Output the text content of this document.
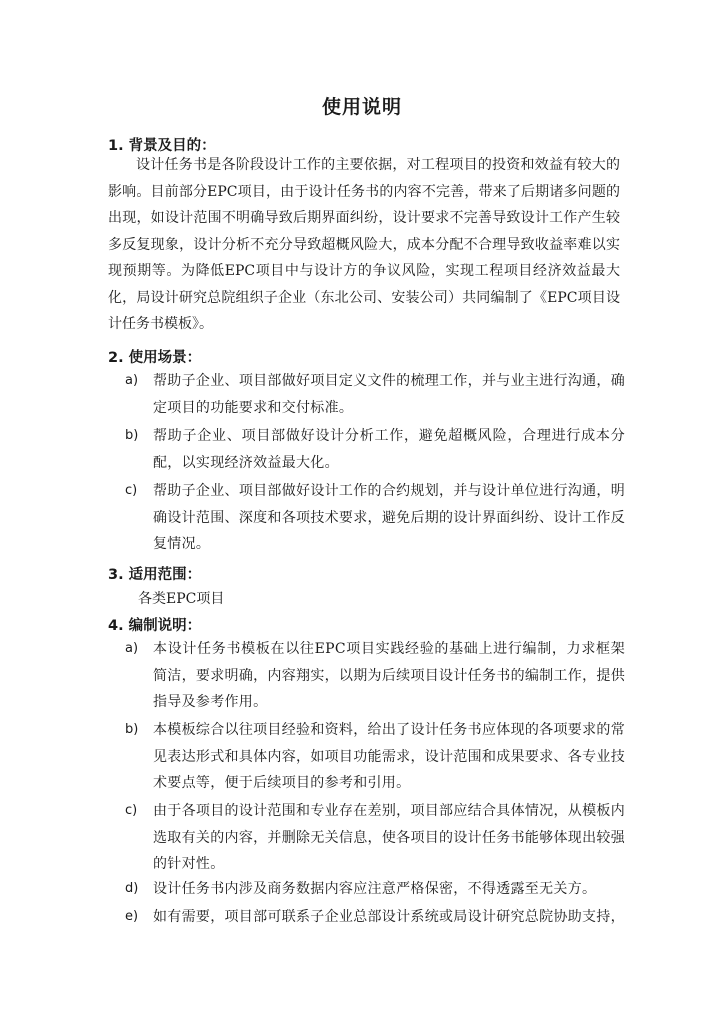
使用说明
1. 背景及目的：

设计任务书是各阶段设计工作的主要依据，对工程项目的投资和效益有较大的影响。目前部分EPC项目，由于设计任务书的内容不完善，带来了后期诸多问题的出现，如设计范围不明确导致后期界面纠纷，设计要求不完善导致设计工作产生较多反复现象，设计分析不充分导致超概风险大，成本分配不合理导致收益率难以实现预期等。为降低EPC项目中与设计方的争议风险，实现工程项目经济效益最大化，局设计研究总院组织子企业（东北公司、安装公司）共同编制了《EPC项目设计任务书模板》。

2. 使用场景：
a)	帮助子企业、项目部做好项目定义文件的梳理工作，并与业主进行沟通，确定项目的功能要求和交付标准。
b)	帮助子企业、项目部做好设计分析工作，避免超概风险，合理进行成本分配，以实现经济效益最大化。
c)	帮助子企业、项目部做好设计工作的合约规划，并与设计单位进行沟通，明确设计范围、深度和各项技术要求，避免后期的设计界面纠纷、设计工作反复情况。
3. 适用范围：
各类EPC项目
4. 编制说明：
a)	本设计任务书模板在以往EPC项目实践经验的基础上进行编制，力求框架简洁，要求明确，内容翔实，以期为后续项目设计任务书的编制工作，提供指导及参考作用。
b)	本模板综合以往项目经验和资料，给出了设计任务书应体现的各项要求的常见表达形式和具体内容，如项目功能需求，设计范围和成果要求、各专业技术要点等，便于后续项目的参考和引用。
c)	由于各项目的设计范围和专业存在差别，项目部应结合具体情况，从模板内选取有关的内容，并删除无关信息，使各项目的设计任务书能够体现出较强的针对性。
d)	设计任务书内涉及商务数据内容应注意严格保密，不得透露至无关方。
e)	如有需要，项目部可联系子企业总部设计系统或局设计研究总院协助支持，
